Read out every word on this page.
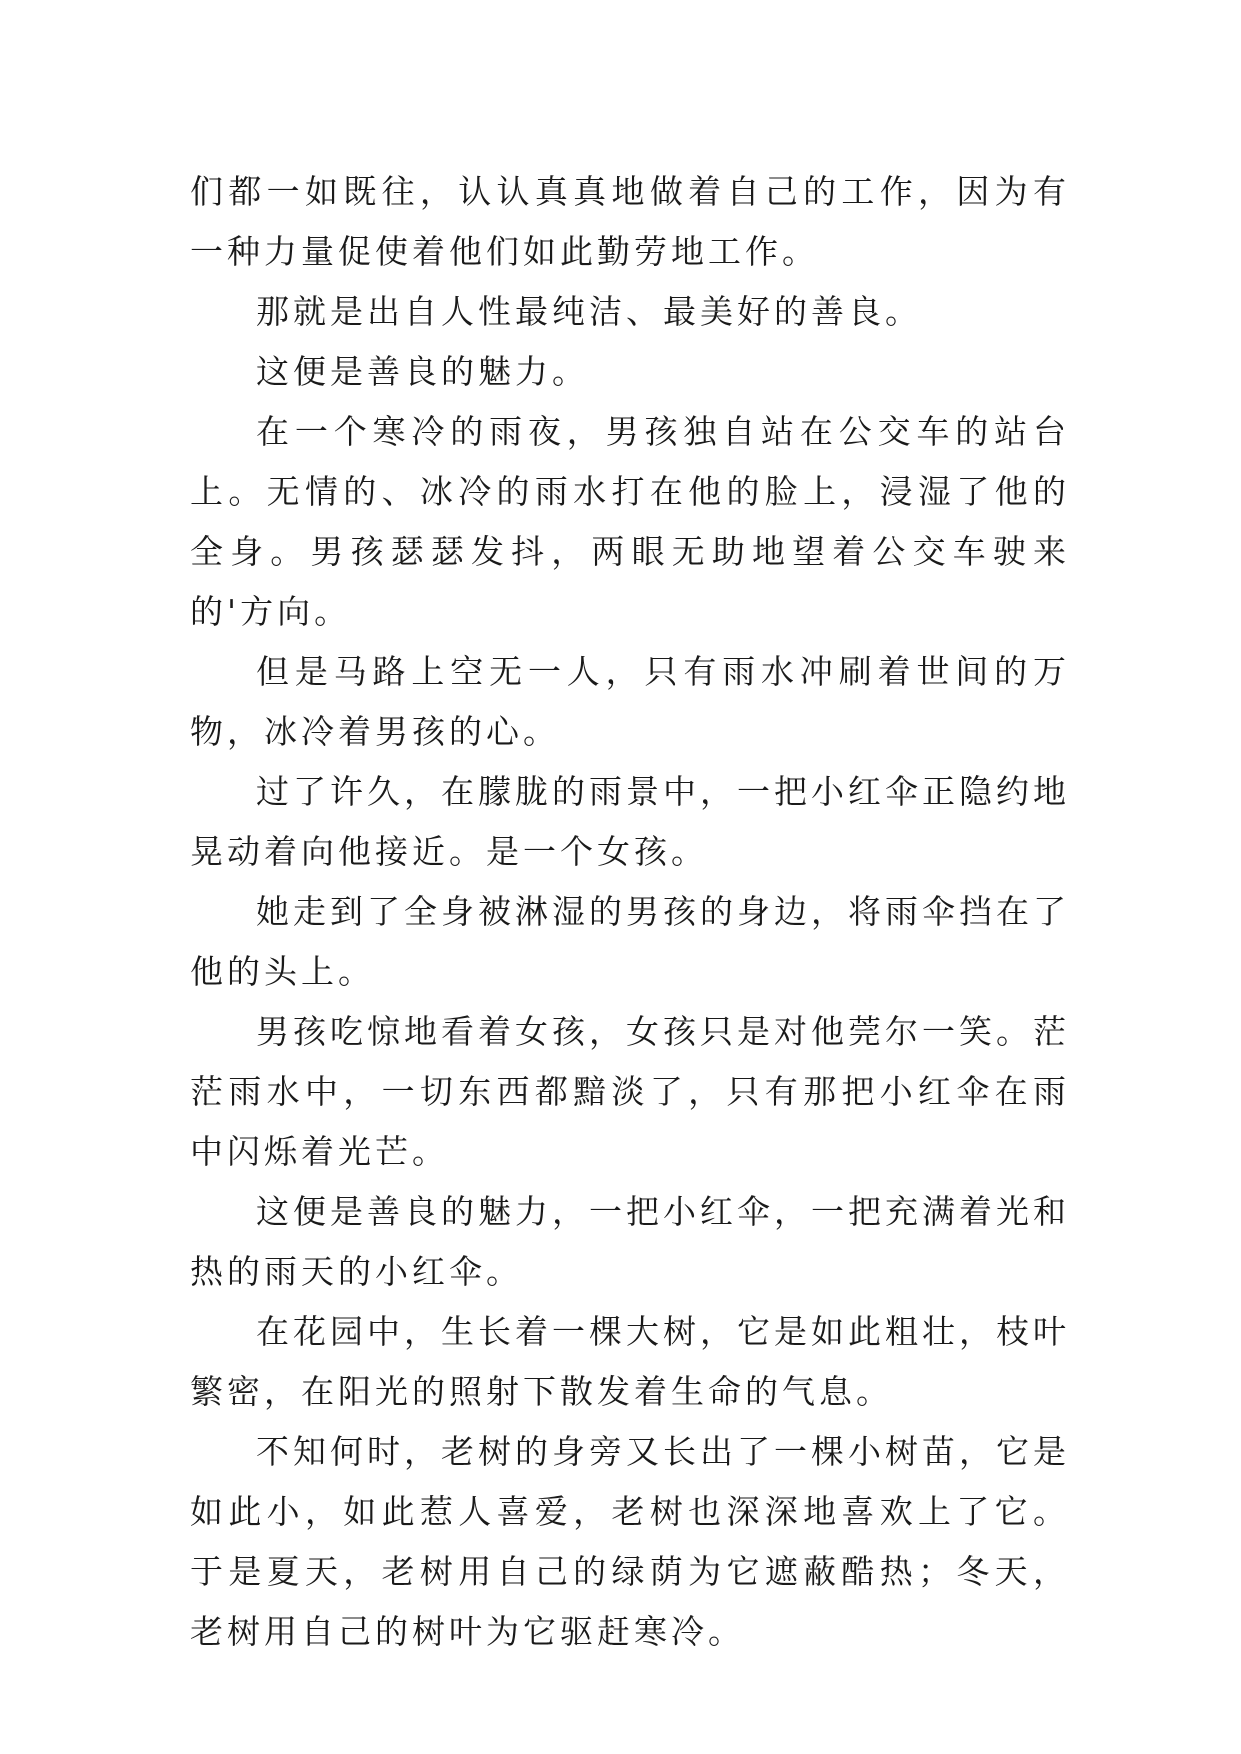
们都一如既往，认认真真地做着自己的工作，因为有一种力量促使着他们如此勤劳地工作。

那就是出自人性最纯洁、最美好的善良。

这便是善良的魅力。

在一个寒冷的雨夜，男孩独自站在公交车的站台上。无情的、冰冷的雨水打在他的脸上，浸湿了他的全身。男孩瑟瑟发抖，两眼无助地望着公交车驶来的'方向。

但是马路上空无一人，只有雨水冲刷着世间的万物，冰冷着男孩的心。

过了许久，在朦胧的雨景中，一把小红伞正隐约地晃动着向他接近。是一个女孩。

她走到了全身被淋湿的男孩的身边，将雨伞挡在了他的头上。

男孩吃惊地看着女孩，女孩只是对他莞尔一笑。茫茫雨水中，一切东西都黯淡了，只有那把小红伞在雨中闪烁着光芒。

这便是善良的魅力，一把小红伞，一把充满着光和热的雨天的小红伞。

在花园中，生长着一棵大树，它是如此粗壮，枝叶繁密，在阳光的照射下散发着生命的气息。

不知何时，老树的身旁又长出了一棵小树苗，它是如此小，如此惹人喜爱，老树也深深地喜欢上了它。于是夏天，老树用自己的绿荫为它遮蔽酷热；冬天，老树用自己的树叶为它驱赶寒冷。
